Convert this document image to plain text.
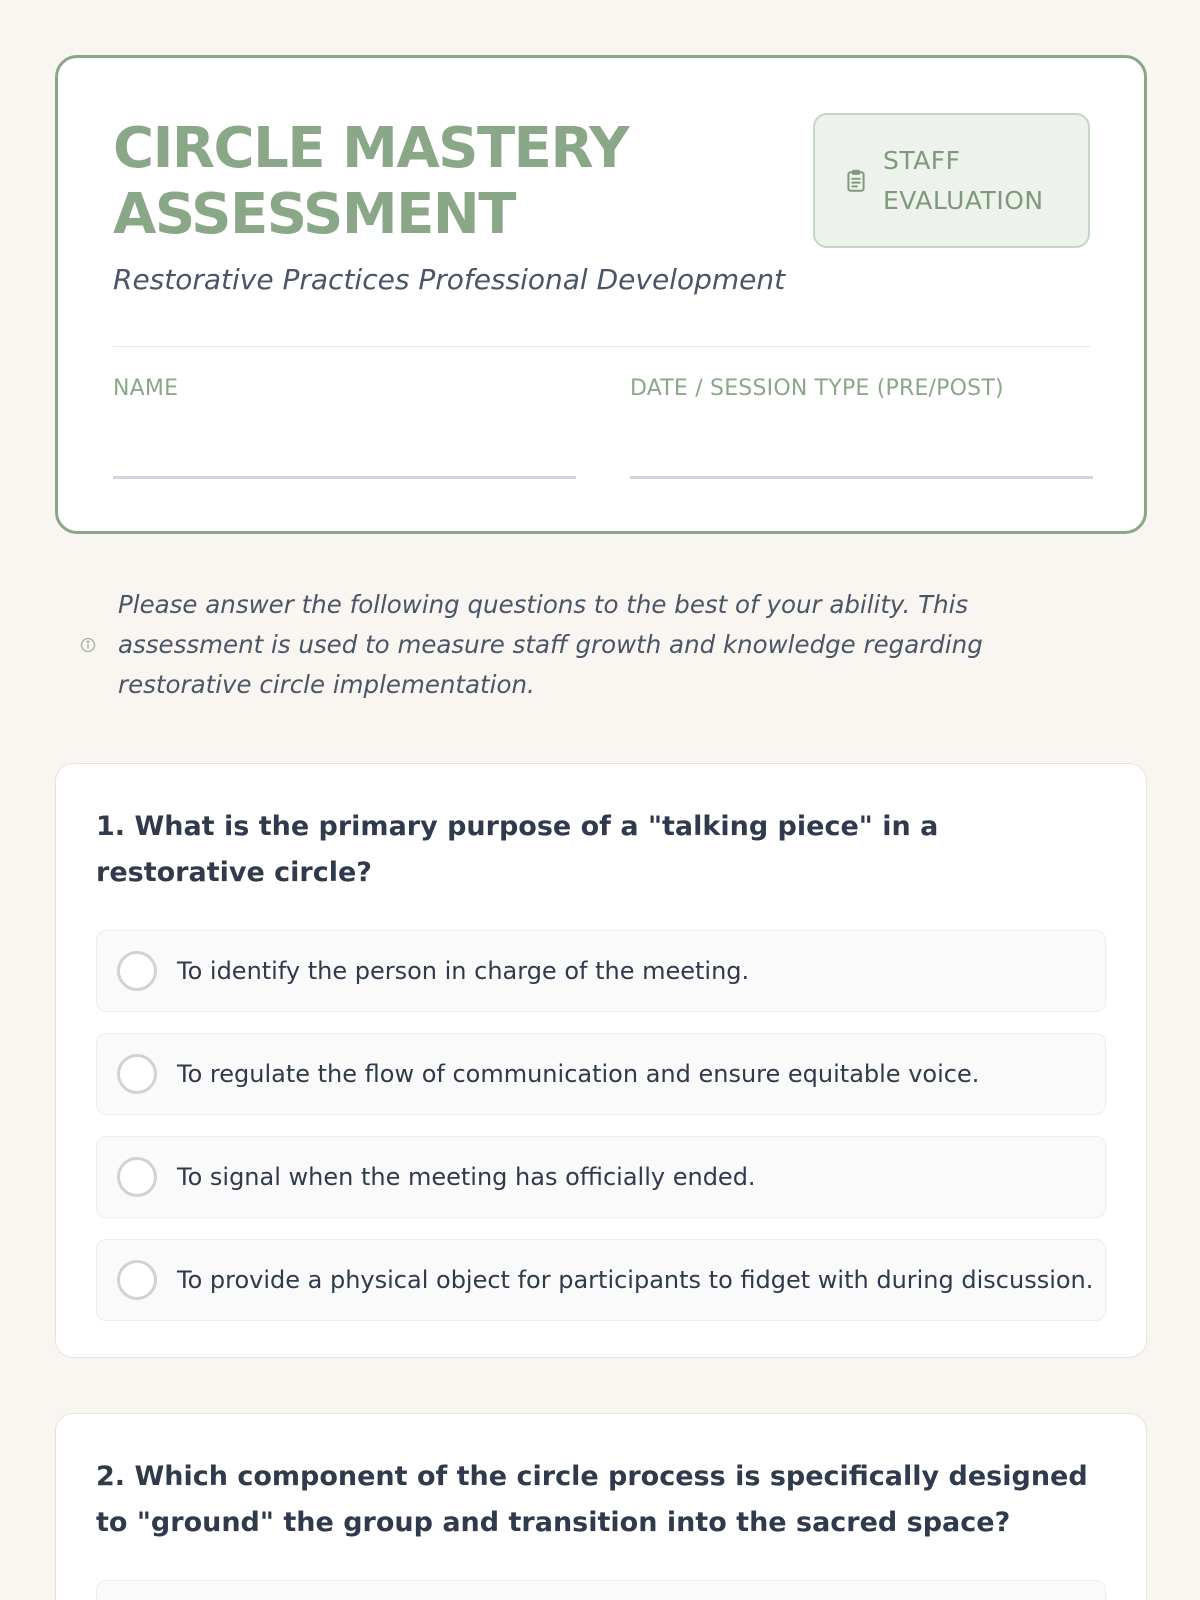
CIRCLE MASTERY ASSESSMENT
Restorative Practices Professional Development
STAFF EVALUATION
NAME	DATE / SESSION TYPE (PRE/POST)
Please answer the following questions to the best of your ability. This assessment is used to measure staff growth and knowledge regarding restorative circle implementation.
1. What is the primary purpose of a "talking piece" in a restorative circle?
To identify the person in charge of the meeting.
To regulate the flow of communication and ensure equitable voice.
To signal when the meeting has officially ended.
To provide a physical object for participants to fidget with during discussion.
2. Which component of the circle process is specifically designed to "ground" the group and transition into the sacred space?
